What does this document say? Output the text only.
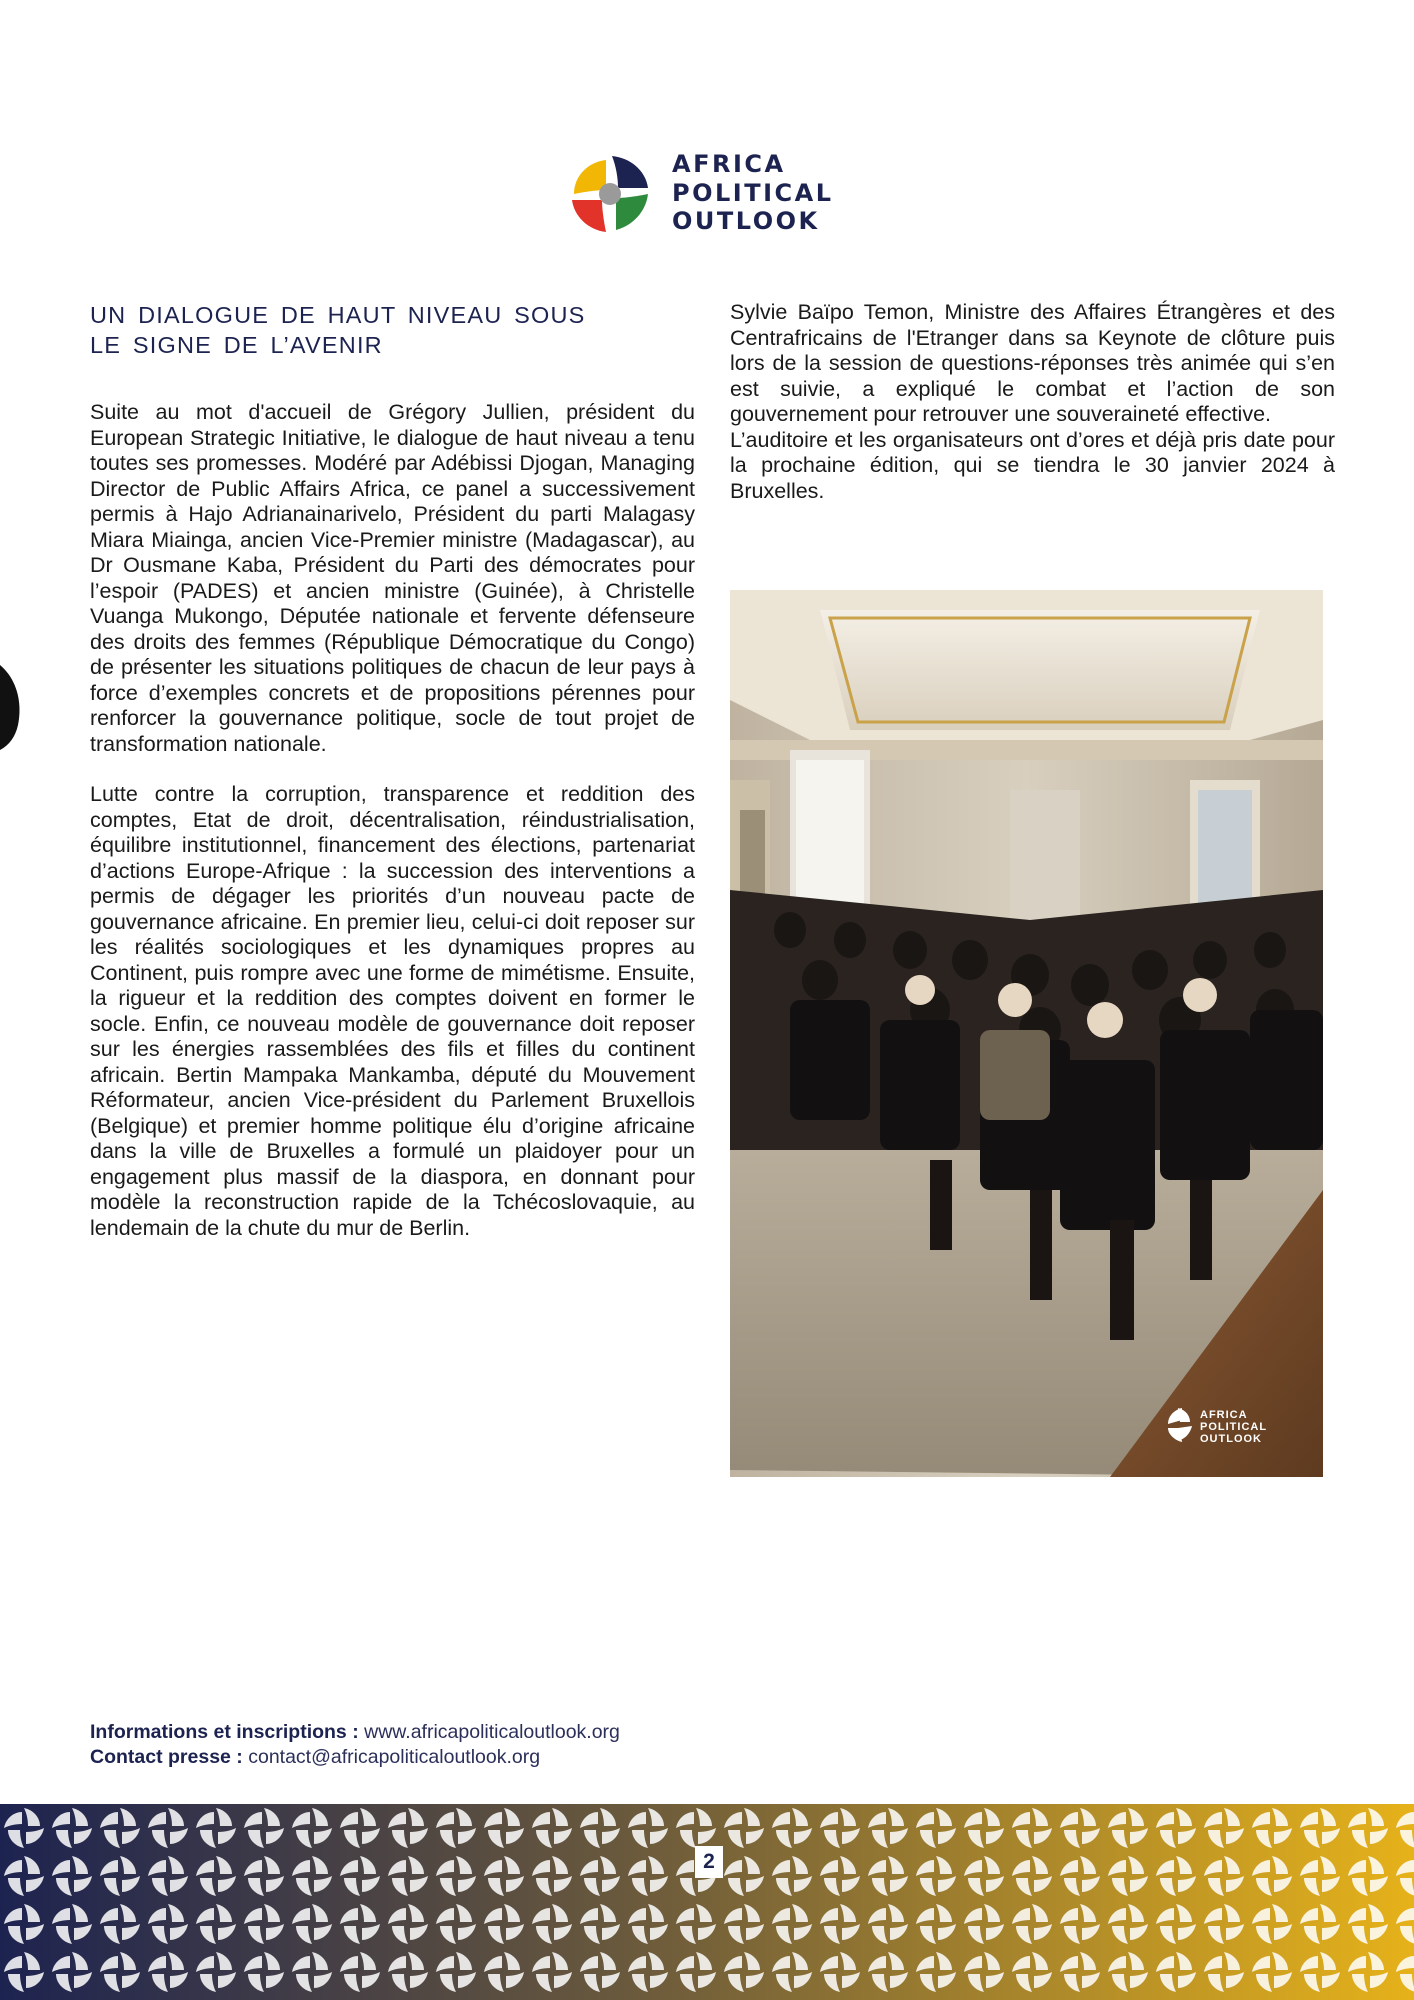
AFRICA
POLITICAL
OUTLOOK
UN DIALOGUE DE HAUT NIVEAU SOUS
LE SIGNE DE L’AVENIR

Suite au mot d'accueil de Grégory Jullien, président du European Strategic Initiative, le dialogue de haut niveau a tenu toutes ses promesses. Modéré par Adébissi Djogan, Managing Director de Public Affairs Africa, ce panel a successivement permis à Hajo Adrianainarivelo, Président du parti Malagasy Miara Miainga, ancien Vice-Premier ministre (Madagascar), au Dr Ousmane Kaba, Président du Parti des démocrates pour l’espoir (PADES) et ancien ministre (Guinée), à Christelle Vuanga Mukongo, Députée nationale et fervente défenseure des droits des femmes (République Démocratique du Congo) de présenter les situations politiques de chacun de leur pays à force d’exemples concrets et de propositions pérennes pour renforcer la gouvernance politique, socle de tout projet de transformation nationale.

Lutte contre la corruption, transparence et reddition des comptes, Etat de droit, décentralisation, réindustrialisation, équilibre institutionnel, financement des élections, partenariat d’actions Europe-Afrique : la succession des interventions a permis de dégager les priorités d’un nouveau pacte de gouvernance africaine. En premier lieu, celui-ci doit reposer sur les réalités sociologiques et les dynamiques propres au Continent, puis rompre avec une forme de mimétisme. Ensuite, la rigueur et la reddition des comptes doivent en former le socle. Enfin, ce nouveau modèle de gouvernance doit reposer sur les énergies rassemblées des fils et filles du continent africain. Bertin Mampaka Mankamba, député du Mouvement Réformateur, ancien Vice-président du Parlement Bruxellois (Belgique) et premier homme politique élu d’origine africaine dans la ville de Bruxelles a formulé un plaidoyer pour un engagement plus massif de la diaspora, en donnant pour modèle la reconstruction rapide de la Tchécoslovaquie, au lendemain de la chute du mur de Berlin.

Sylvie Baïpo Temon, Ministre des Affaires Étrangères et des Centrafricains de l'Etranger dans sa Keynote de clôture puis lors de la session de questions-réponses très animée qui s’en est suivie, a expliqué le combat et l’action de son gouvernement pour retrouver une souveraineté effective.

L’auditoire et les organisateurs ont d’ores et déjà pris date pour la prochaine édition, qui se tiendra le 30 janvier 2024 à Bruxelles.

AFRICA
POLITICAL
OUTLOOK
Informations et inscriptions : www.africapoliticaloutlook.org
Contact presse : contact@africapoliticaloutlook.org
2
